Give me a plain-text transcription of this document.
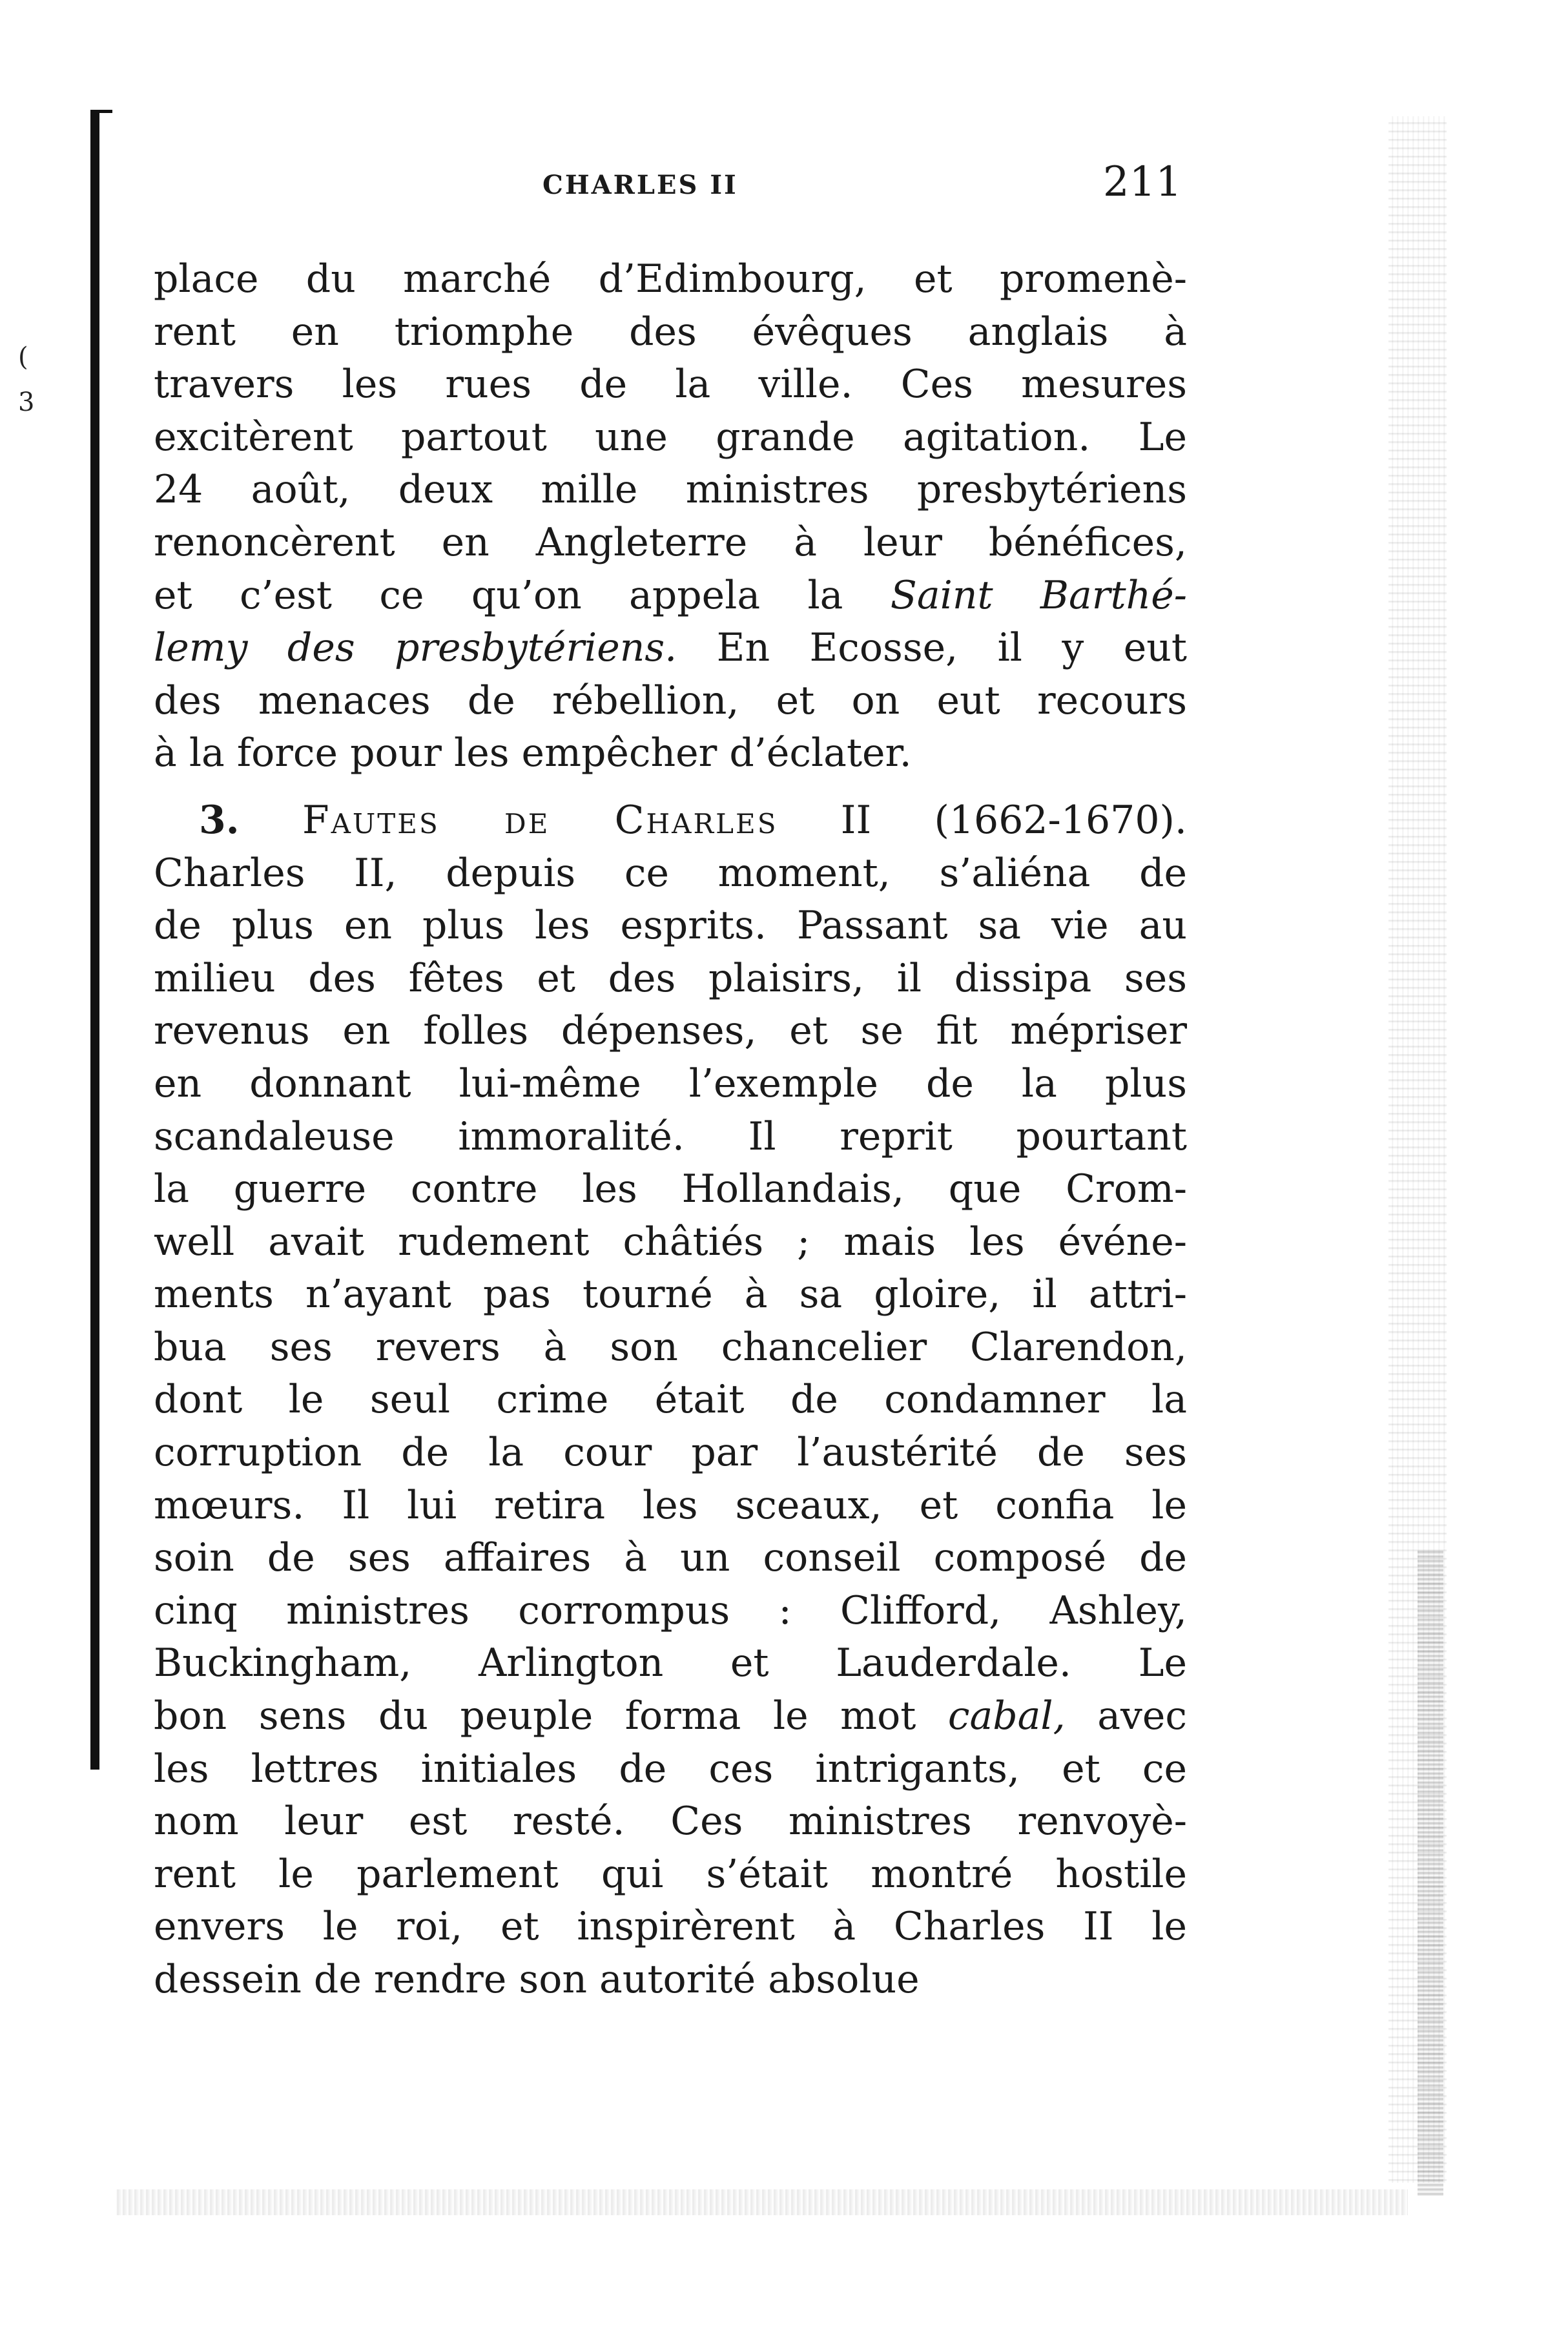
(
3
CHARLES II	211
place du marché d’Edimbourg, et promenè-
rent en triomphe des évêques anglais à
travers les rues de la ville. Ces mesures
excitèrent partout une grande agitation. Le
24 août, deux mille ministres presbytériens
renoncèrent en Angleterre à leur bénéfices,
et c’est ce qu’on appela la Saint Barthé-
lemy des presbytériens. En Ecosse, il y eut
des menaces de rébellion, et on eut recours
à la force pour les empêcher d’éclater.
3. Fautes de Charles II (1662-1670).
Charles II, depuis ce moment, s’aliéna de
de plus en plus les esprits. Passant sa vie au
milieu des fêtes et des plaisirs, il dissipa ses
revenus en folles dépenses, et se fit mépriser
en donnant lui-même l’exemple de la plus
scandaleuse immoralité. Il reprit pourtant
la guerre contre les Hollandais, que Crom-
well avait rudement châtiés ; mais les événe-
ments n’ayant pas tourné à sa gloire, il attri-
bua ses revers à son chancelier Clarendon,
dont le seul crime était de condamner la
corruption de la cour par l’austérité de ses
mœurs. Il lui retira les sceaux, et confia le
soin de ses affaires à un conseil composé de
cinq ministres corrompus : Clifford, Ashley,
Buckingham, Arlington et Lauderdale. Le
bon sens du peuple forma le mot cabal, avec
les lettres initiales de ces intrigants, et ce
nom leur est resté. Ces ministres renvoyè-
rent le parlement qui s’était montré hostile
envers le roi, et inspirèrent à Charles II le
dessein de rendre son autorité absolue
